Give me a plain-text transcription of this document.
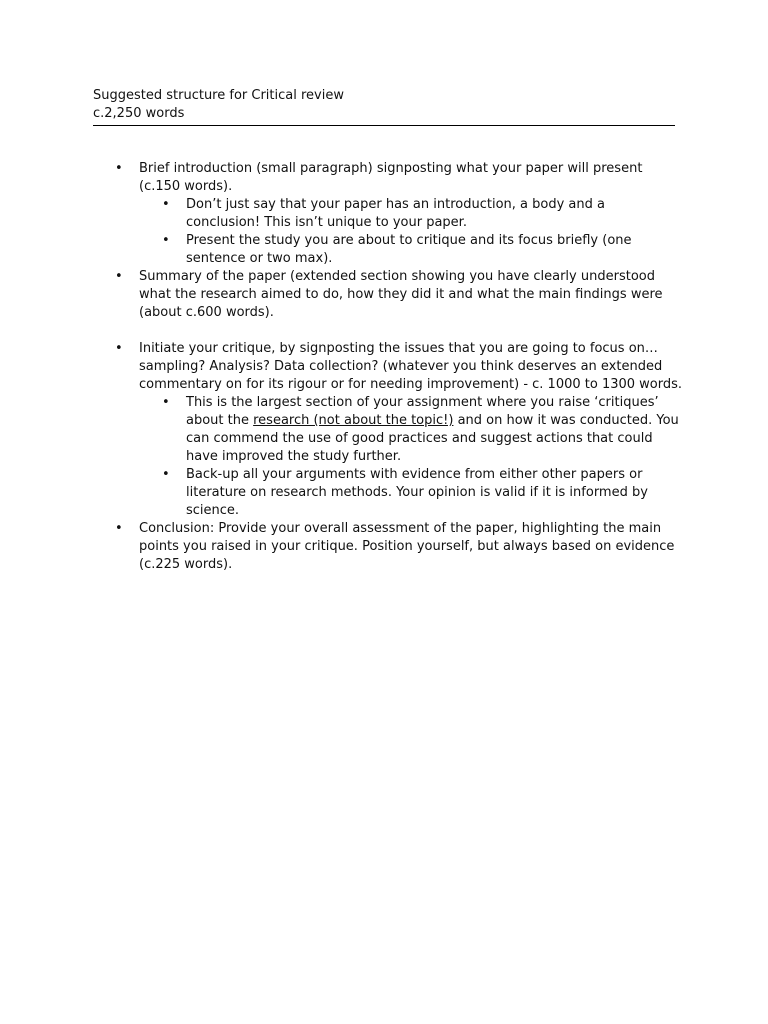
Suggested structure for Critical review
c.2,250 words
• Brief introduction (small paragraph) signposting what your paper will present (c.150 words).
• Don’t just say that your paper has an introduction, a body and a conclusion! This isn’t unique to your paper.
• Present the study you are about to critique and its focus briefly (one sentence or two max).
• Summary of the paper (extended section showing you have clearly understood what the research aimed to do, how they did it and what the main findings were (about c.600 words).
• Initiate your critique, by signposting the issues that you are going to focus on… sampling? Analysis? Data collection? (whatever you think deserves an extended commentary on for its rigour or for needing improvement) - c. 1000 to 1300 words.
• This is the largest section of your assignment where you raise ‘critiques’ about the research (not about the topic!) and on how it was conducted. You can commend the use of good practices and suggest actions that could have improved the study further.
• Back-up all your arguments with evidence from either other papers or literature on research methods. Your opinion is valid if it is informed by science.
• Conclusion: Provide your overall assessment of the paper, highlighting the main points you raised in your critique. Position yourself, but always based on evidence (c.225 words).
